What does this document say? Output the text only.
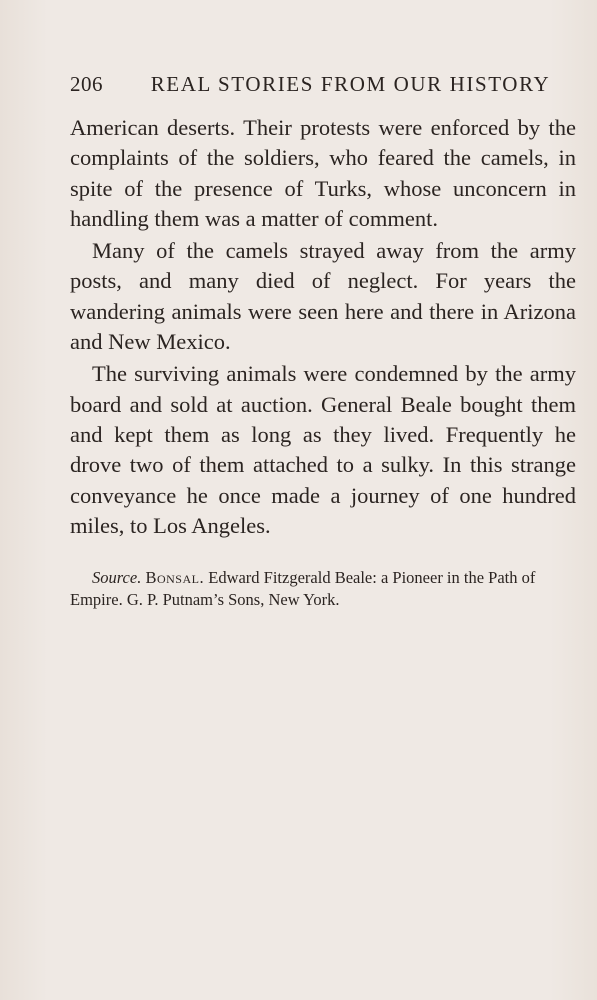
206	REAL STORIES FROM OUR HISTORY

American deserts. Their protests were enforced by the complaints of the soldiers, who feared the camels, in spite of the presence of Turks, whose unconcern in handling them was a matter of comment.

Many of the camels strayed away from the army posts, and many died of neglect. For years the wandering animals were seen here and there in Arizona and New Mexico.

The surviving animals were condemned by the army board and sold at auction. General Beale bought them and kept them as long as they lived. Frequently he drove two of them attached to a sulky. In this strange conveyance he once made a journey of one hundred miles, to Los Angeles.

Source. Bonsal. Edward Fitzgerald Beale: a Pioneer in the Path of Empire. G. P. Putnam’s Sons, New York.
